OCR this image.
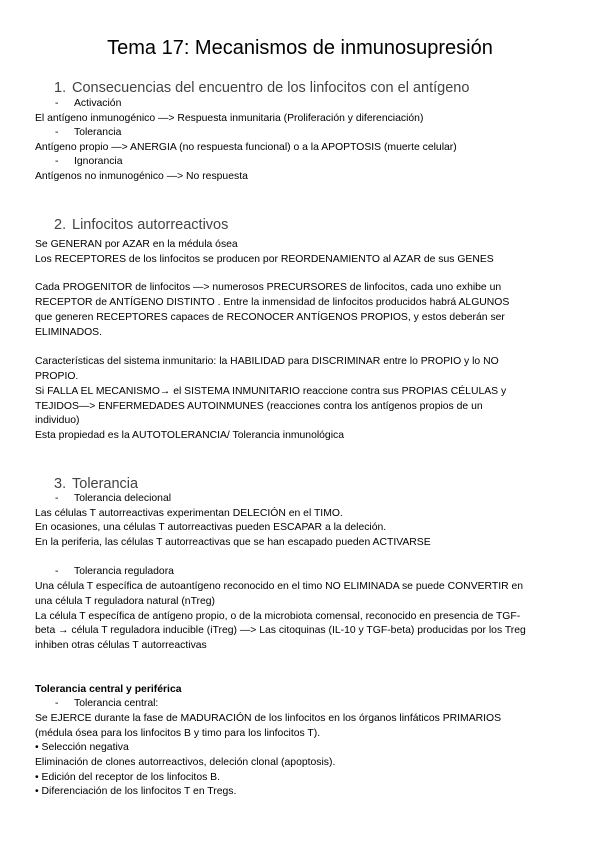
Tema 17: Mecanismos de inmunosupresión
1. Consecuencias del encuentro de los linfocitos con el antígeno
- Activación
El antígeno inmunogénico —> Respuesta inmunitaria (Proliferación y diferenciación)
- Tolerancia
Antígeno propio —> ANERGIA (no respuesta funcional) o a la APOPTOSIS (muerte celular)
- Ignorancia
Antígenos no inmunogénico —> No respuesta
2. Linfocitos autorreactivos
Se GENERAN por AZAR en la médula ósea
Los RECEPTORES de los linfocitos se producen por REORDENAMIENTO al AZAR de sus GENES
Cada PROGENITOR de linfocitos —> numerosos PRECURSORES de linfocitos, cada uno exhibe un
RECEPTOR de ANTÍGENO DISTINTO . Entre la inmensidad de linfocitos producidos habrá ALGUNOS
que generen RECEPTORES capaces de RECONOCER ANTÍGENOS PROPIOS, y estos deberán ser
ELIMINADOS.
Características del sistema inmunitario: la HABILIDAD para DISCRIMINAR entre lo PROPIO y lo NO
PROPIO.
Si FALLA EL MECANISMO→ el SISTEMA INMUNITARIO reaccione contra sus PROPIAS CÉLULAS y
TEJIDOS—> ENFERMEDADES AUTOINMUNES (reacciones contra los antígenos propios de un
individuo)
Esta propiedad es la AUTOTOLERANCIA/ Tolerancia inmunológica
3. Tolerancia
- Tolerancia delecional
Las células T autorreactivas experimentan DELECIÓN en el TIMO.
En ocasiones, una células T autorreactivas pueden ESCAPAR a la deleción.
En la periferia, las células T autorreactivas que se han escapado pueden ACTIVARSE
- Tolerancia reguladora
Una célula T específica de autoantígeno reconocido en el timo NO ELIMINADA se puede CONVERTIR en
una célula T reguladora natural (nTreg)
La célula T específica de antígeno propio, o de la microbiota comensal, reconocido en presencia de TGF-
beta → célula T reguladora inducible (iTreg) —> Las citoquinas (IL-10 y TGF-beta) producidas por los Treg
inhiben otras células T autorreactivas
Tolerancia central y periférica
- Tolerancia central:
Se EJERCE durante la fase de MADURACIÓN de los linfocitos en los órganos linfáticos PRIMARIOS
(médula ósea para los linfocitos B y timo para los linfocitos T).
• Selección negativa
Eliminación de clones autorreactivos, deleción clonal (apoptosis).
• Edición del receptor de los linfocitos B.
• Diferenciación de los linfocitos T en Tregs.
